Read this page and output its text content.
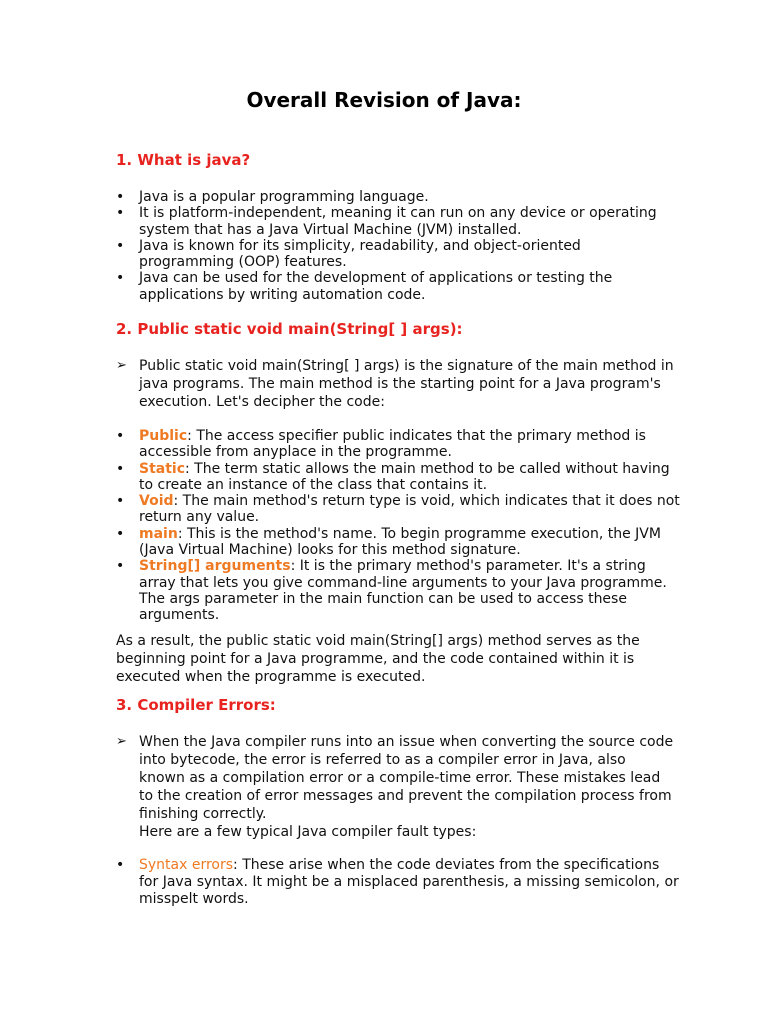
Overall Revision of Java:
1. What is java?
• Java is a popular programming language.
• It is platform-independent, meaning it can run on any device or operating system that has a Java Virtual Machine (JVM) installed.
• Java is known for its simplicity, readability, and object-oriented programming (OOP) features.
• Java can be used for the development of applications or testing the applications by writing automation code.
2. Public static void main(String[ ] args):
➢ Public static void main(String[ ] args) is the signature of the main method in java programs. The main method is the starting point for a Java program's execution. Let's decipher the code:
• Public: The access specifier public indicates that the primary method is accessible from anyplace in the programme.
• Static: The term static allows the main method to be called without having to create an instance of the class that contains it.
• Void: The main method's return type is void, which indicates that it does not return any value.
• main: This is the method's name. To begin programme execution, the JVM (Java Virtual Machine) looks for this method signature.
• String[] arguments: It is the primary method's parameter. It's a string array that lets you give command-line arguments to your Java programme. The args parameter in the main function can be used to access these arguments.

As a result, the public static void main(String[] args) method serves as the beginning point for a Java programme, and the code contained within it is executed when the programme is executed.

3. Compiler Errors:
➢ When the Java compiler runs into an issue when converting the source code into bytecode, the error is referred to as a compiler error in Java, also known as a compilation error or a compile-time error. These mistakes lead to the creation of error messages and prevent the compilation process from finishing correctly.
Here are a few typical Java compiler fault types:
• Syntax errors: These arise when the code deviates from the specifications for Java syntax. It might be a misplaced parenthesis, a missing semicolon, or misspelt words.
